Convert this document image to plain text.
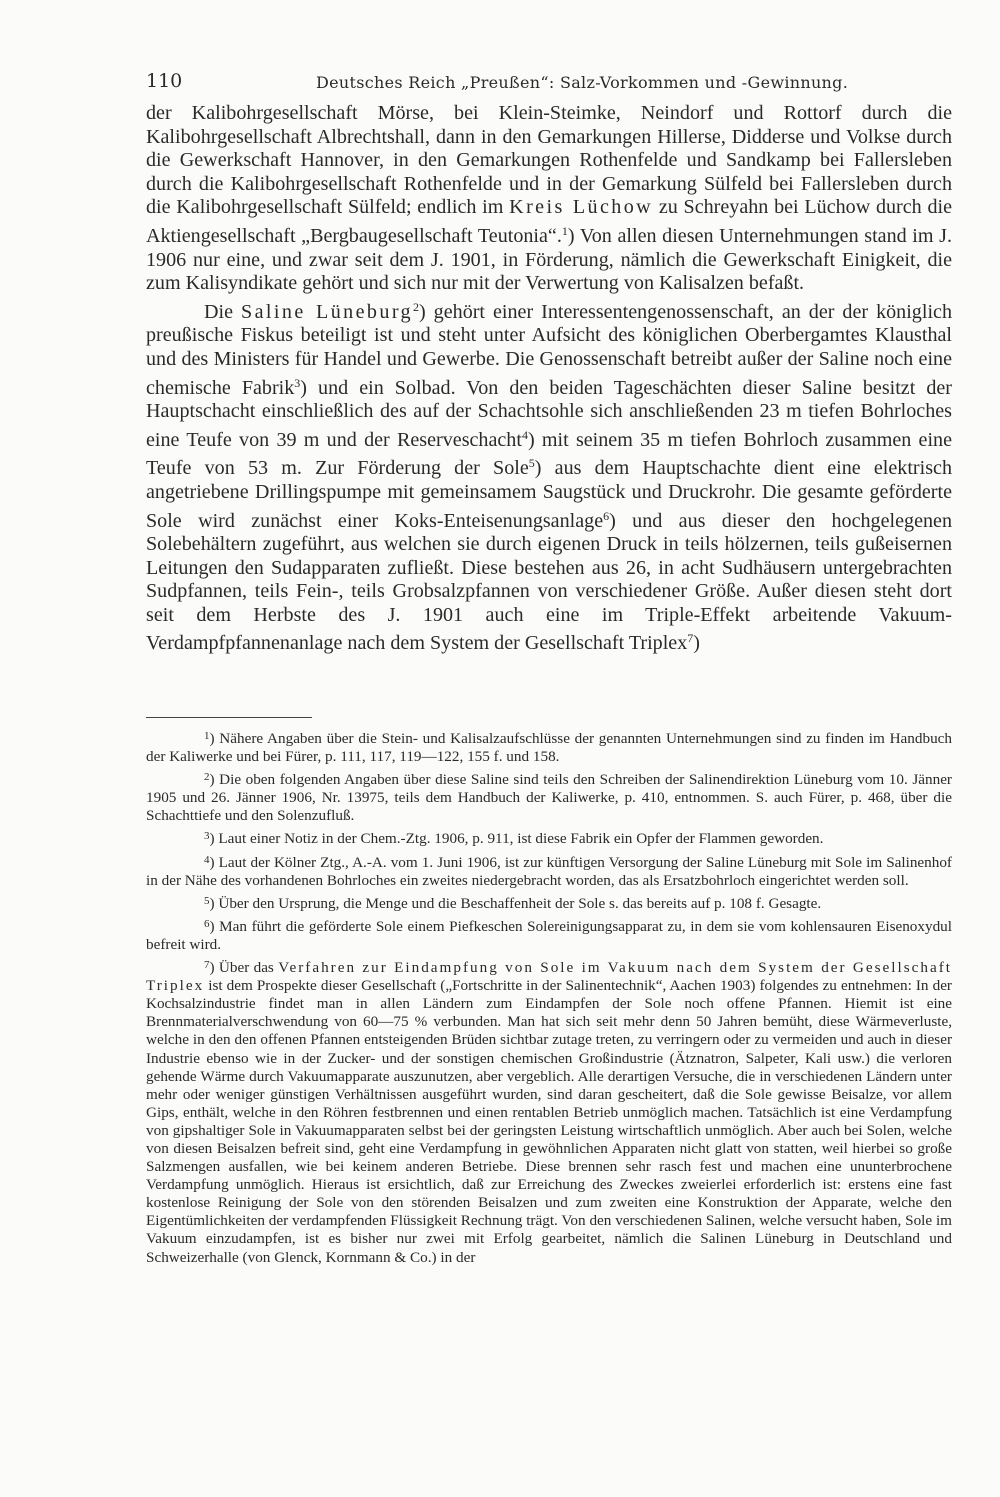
110	Deutsches Reich „Preußen“: Salz-Vorkommen und -Gewinnung.

der Kalibohrgesellschaft Mörse, bei Klein-Steimke, Neindorf und Rottorf durch die Kalibohrgesellschaft Albrechtshall, dann in den Gemarkungen Hillerse, Didderse und Volkse durch die Gewerkschaft Hannover, in den Gemarkungen Rothenfelde und Sandkamp bei Fallersleben durch die Kalibohrgesellschaft Rothenfelde und in der Gemarkung Sülfeld bei Fallersleben durch die Kalibohrgesellschaft Sülfeld; endlich im Kreis Lüchow zu Schreyahn bei Lüchow durch die Aktiengesellschaft „Bergbaugesellschaft Teutonia“.$^1$) Von allen diesen Unternehmungen stand im J. 1906 nur eine, und zwar seit dem J. 1901, in Förderung, nämlich die Gewerkschaft Einigkeit, die zum Kalisyndikate gehört und sich nur mit der Verwertung von Kalisalzen befaßt.

Die Saline Lüneburg$^2$) gehört einer Interessentengenossenschaft, an der der königlich preußische Fiskus beteiligt ist und steht unter Aufsicht des königlichen Oberbergamtes Klausthal und des Ministers für Handel und Gewerbe. Die Genossenschaft betreibt außer der Saline noch eine chemische Fabrik$^3$) und ein Solbad. Von den beiden Tageschächten dieser Saline besitzt der Hauptschacht einschließlich des auf der Schachtsohle sich anschließenden 23 m tiefen Bohrloches eine Teufe von 39 m und der Reserveschacht$^4$) mit seinem 35 m tiefen Bohrloch zusammen eine Teufe von 53 m. Zur Förderung der Sole$^5$) aus dem Hauptschachte dient eine elektrisch angetriebene Drillingspumpe mit gemeinsamem Saugstück und Druckrohr. Die gesamte geförderte Sole wird zunächst einer Koks-Enteisenungsanlage$^6$) und aus dieser den hochgelegenen Solebehältern zugeführt, aus welchen sie durch eigenen Druck in teils hölzernen, teils gußeisernen Leitungen den Sudapparaten zufließt. Diese bestehen aus 26, in acht Sudhäusern untergebrachten Sudpfannen, teils Fein-, teils Grobsalzpfannen von verschiedener Größe. Außer diesen steht dort seit dem Herbste des J. 1901 auch eine im Triple-Effekt arbeitende Vakuum-Verdampfpfannenanlage nach dem System der Gesellschaft Triplex$^7$)

$^1$) Nähere Angaben über die Stein- und Kalisalzaufschlüsse der genannten Unternehmungen sind zu finden im Handbuch der Kaliwerke und bei Fürer, p. 111, 117, 119—122, 155 f. und 158.

$^2$) Die oben folgenden Angaben über diese Saline sind teils den Schreiben der Salinendirektion Lüneburg vom 10. Jänner 1905 und 26. Jänner 1906, Nr. 13975, teils dem Handbuch der Kaliwerke, p. 410, entnommen. S. auch Fürer, p. 468, über die Schachttiefe und den Solenzufluß.

$^3$) Laut einer Notiz in der Chem.-Ztg. 1906, p. 911, ist diese Fabrik ein Opfer der Flammen geworden.

$^4$) Laut der Kölner Ztg., A.-A. vom 1. Juni 1906, ist zur künftigen Versorgung der Saline Lüneburg mit Sole im Salinenhof in der Nähe des vorhandenen Bohrloches ein zweites niedergebracht worden, das als Ersatzbohrloch eingerichtet werden soll.

$^5$) Über den Ursprung, die Menge und die Beschaffenheit der Sole s. das bereits auf p. 108 f. Gesagte.

$^6$) Man führt die geförderte Sole einem Piefkeschen Solereinigungsapparat zu, in dem sie vom kohlensauren Eisenoxydul befreit wird.

$^7$) Über das Verfahren zur Eindampfung von Sole im Vakuum nach dem System der Gesellschaft Triplex ist dem Prospekte dieser Gesellschaft („Fortschritte in der Salinentechnik“, Aachen 1903) folgendes zu entnehmen: In der Kochsalzindustrie findet man in allen Ländern zum Eindampfen der Sole noch offene Pfannen. Hiemit ist eine Brennmaterialverschwendung von 60—75 % verbunden. Man hat sich seit mehr denn 50 Jahren bemüht, diese Wärmeverluste, welche in den den offenen Pfannen entsteigenden Brüden sichtbar zutage treten, zu verringern oder zu vermeiden und auch in dieser Industrie ebenso wie in der Zucker- und der sonstigen chemischen Großindustrie (Ätznatron, Salpeter, Kali usw.) die verloren gehende Wärme durch Vakuumapparate auszunutzen, aber vergeblich. Alle derartigen Versuche, die in verschiedenen Ländern unter mehr oder weniger günstigen Verhältnissen ausgeführt wurden, sind daran gescheitert, daß die Sole gewisse Beisalze, vor allem Gips, enthält, welche in den Röhren festbrennen und einen rentablen Betrieb unmöglich machen. Tatsächlich ist eine Verdampfung von gipshaltiger Sole in Vakuumapparaten selbst bei der geringsten Leistung wirtschaftlich unmöglich. Aber auch bei Solen, welche von diesen Beisalzen befreit sind, geht eine Verdampfung in gewöhnlichen Apparaten nicht glatt von statten, weil hierbei so große Salzmengen ausfallen, wie bei keinem anderen Betriebe. Diese brennen sehr rasch fest und machen eine ununterbrochene Verdampfung unmöglich. Hieraus ist ersichtlich, daß zur Erreichung des Zweckes zweierlei erforderlich ist: erstens eine fast kostenlose Reinigung der Sole von den störenden Beisalzen und zum zweiten eine Konstruktion der Apparate, welche den Eigentümlichkeiten der verdampfenden Flüssigkeit Rechnung trägt. Von den verschiedenen Salinen, welche versucht haben, Sole im Vakuum einzudampfen, ist es bisher nur zwei mit Erfolg gearbeitet, nämlich die Salinen Lüneburg in Deutschland und Schweizerhalle (von Glenck, Kornmann & Co.) in der
